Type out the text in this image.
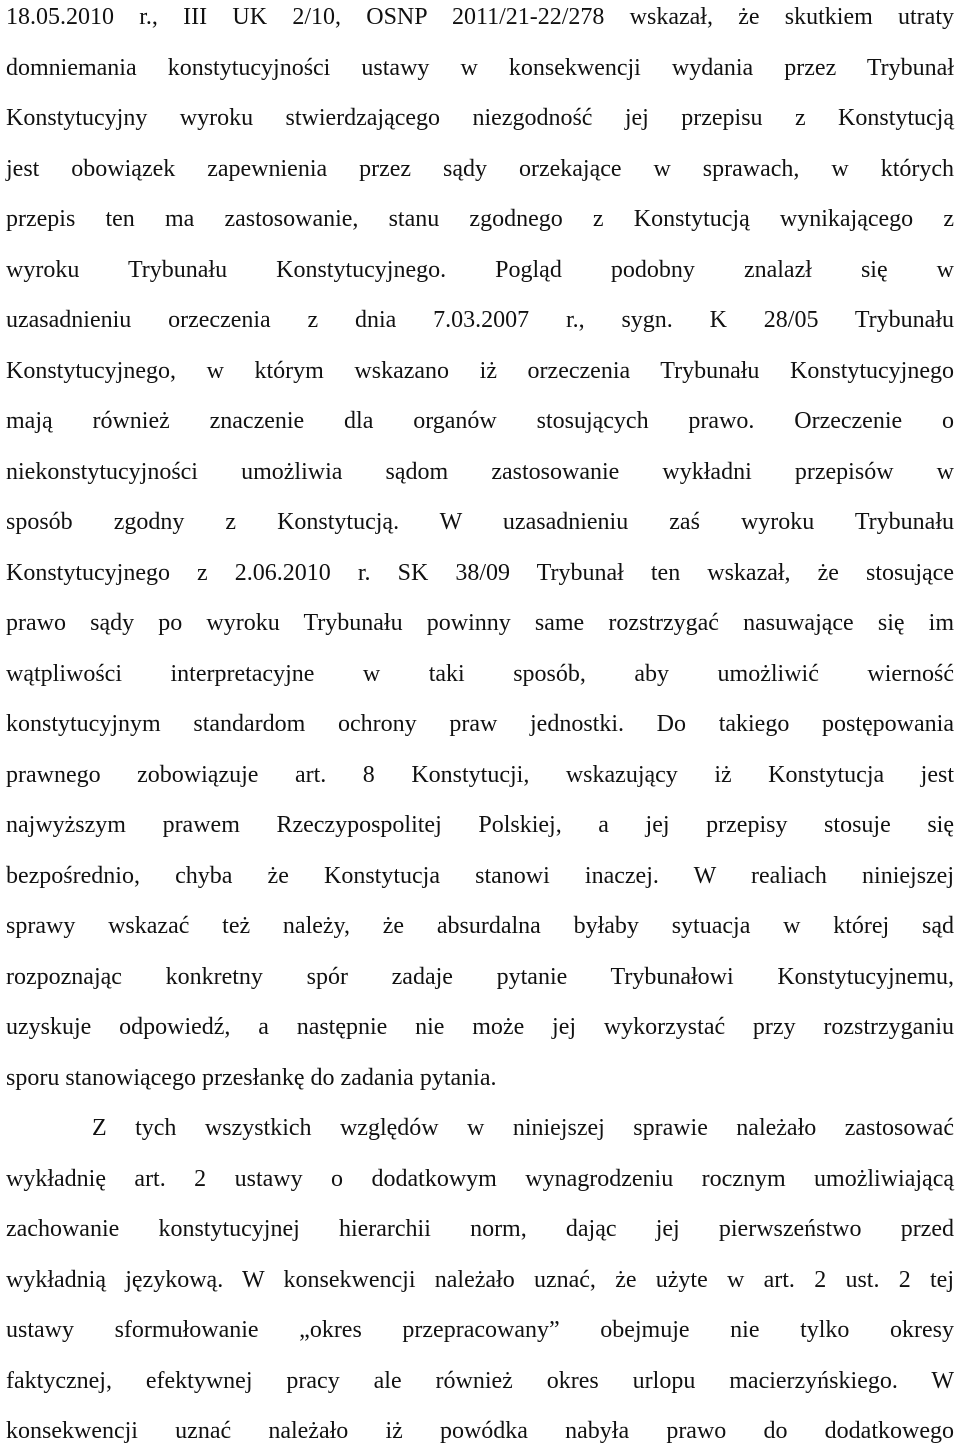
18.05.2010 r., III UK 2/10, OSNP 2011/21-22/278 wskazał, że skutkiem utraty
domniemania konstytucyjności ustawy w konsekwencji wydania przez Trybunał
Konstytucyjny wyroku stwierdzającego niezgodność jej przepisu z Konstytucją
jest obowiązek zapewnienia przez sądy orzekające w sprawach, w których
przepis ten ma zastosowanie, stanu zgodnego z Konstytucją wynikającego z
wyroku Trybunału Konstytucyjnego. Pogląd podobny znalazł się w
uzasadnieniu orzeczenia z dnia 7.03.2007 r., sygn. K 28/05 Trybunału
Konstytucyjnego, w którym wskazano iż orzeczenia Trybunału Konstytucyjnego
mają również znaczenie dla organów stosujących prawo. Orzeczenie o
niekonstytucyjności umożliwia sądom zastosowanie wykładni przepisów w
sposób zgodny z Konstytucją. W uzasadnieniu zaś wyroku Trybunału
Konstytucyjnego z 2.06.2010 r. SK 38/09 Trybunał ten wskazał, że stosujące
prawo sądy po wyroku Trybunału powinny same rozstrzygać nasuwające się im
wątpliwości interpretacyjne w taki sposób, aby umożliwić wierność
konstytucyjnym standardom ochrony praw jednostki. Do takiego postępowania
prawnego zobowiązuje art. 8 Konstytucji, wskazujący iż Konstytucja jest
najwyższym prawem Rzeczypospolitej Polskiej, a jej przepisy stosuje się
bezpośrednio, chyba że Konstytucja stanowi inaczej. W realiach niniejszej
sprawy wskazać też należy, że absurdalna byłaby sytuacja w której sąd
rozpoznając konkretny spór zadaje pytanie Trybunałowi Konstytucyjnemu,
uzyskuje odpowiedź, a następnie nie może jej wykorzystać przy rozstrzyganiu
sporu stanowiącego przesłankę do zadania pytania.
Z tych wszystkich względów w niniejszej sprawie należało zastosować
wykładnię art. 2 ustawy o dodatkowym wynagrodzeniu rocznym umożliwiającą
zachowanie konstytucyjnej hierarchii norm, dając jej pierwszeństwo przed
wykładnią językową. W konsekwencji należało uznać, że użyte w art. 2 ust. 2 tej
ustawy sformułowanie „okres przepracowany” obejmuje nie tylko okresy
faktycznej, efektywnej pracy ale również okres urlopu macierzyńskiego. W
konsekwencji uznać należało iż powódka nabyła prawo do dodatkowego
